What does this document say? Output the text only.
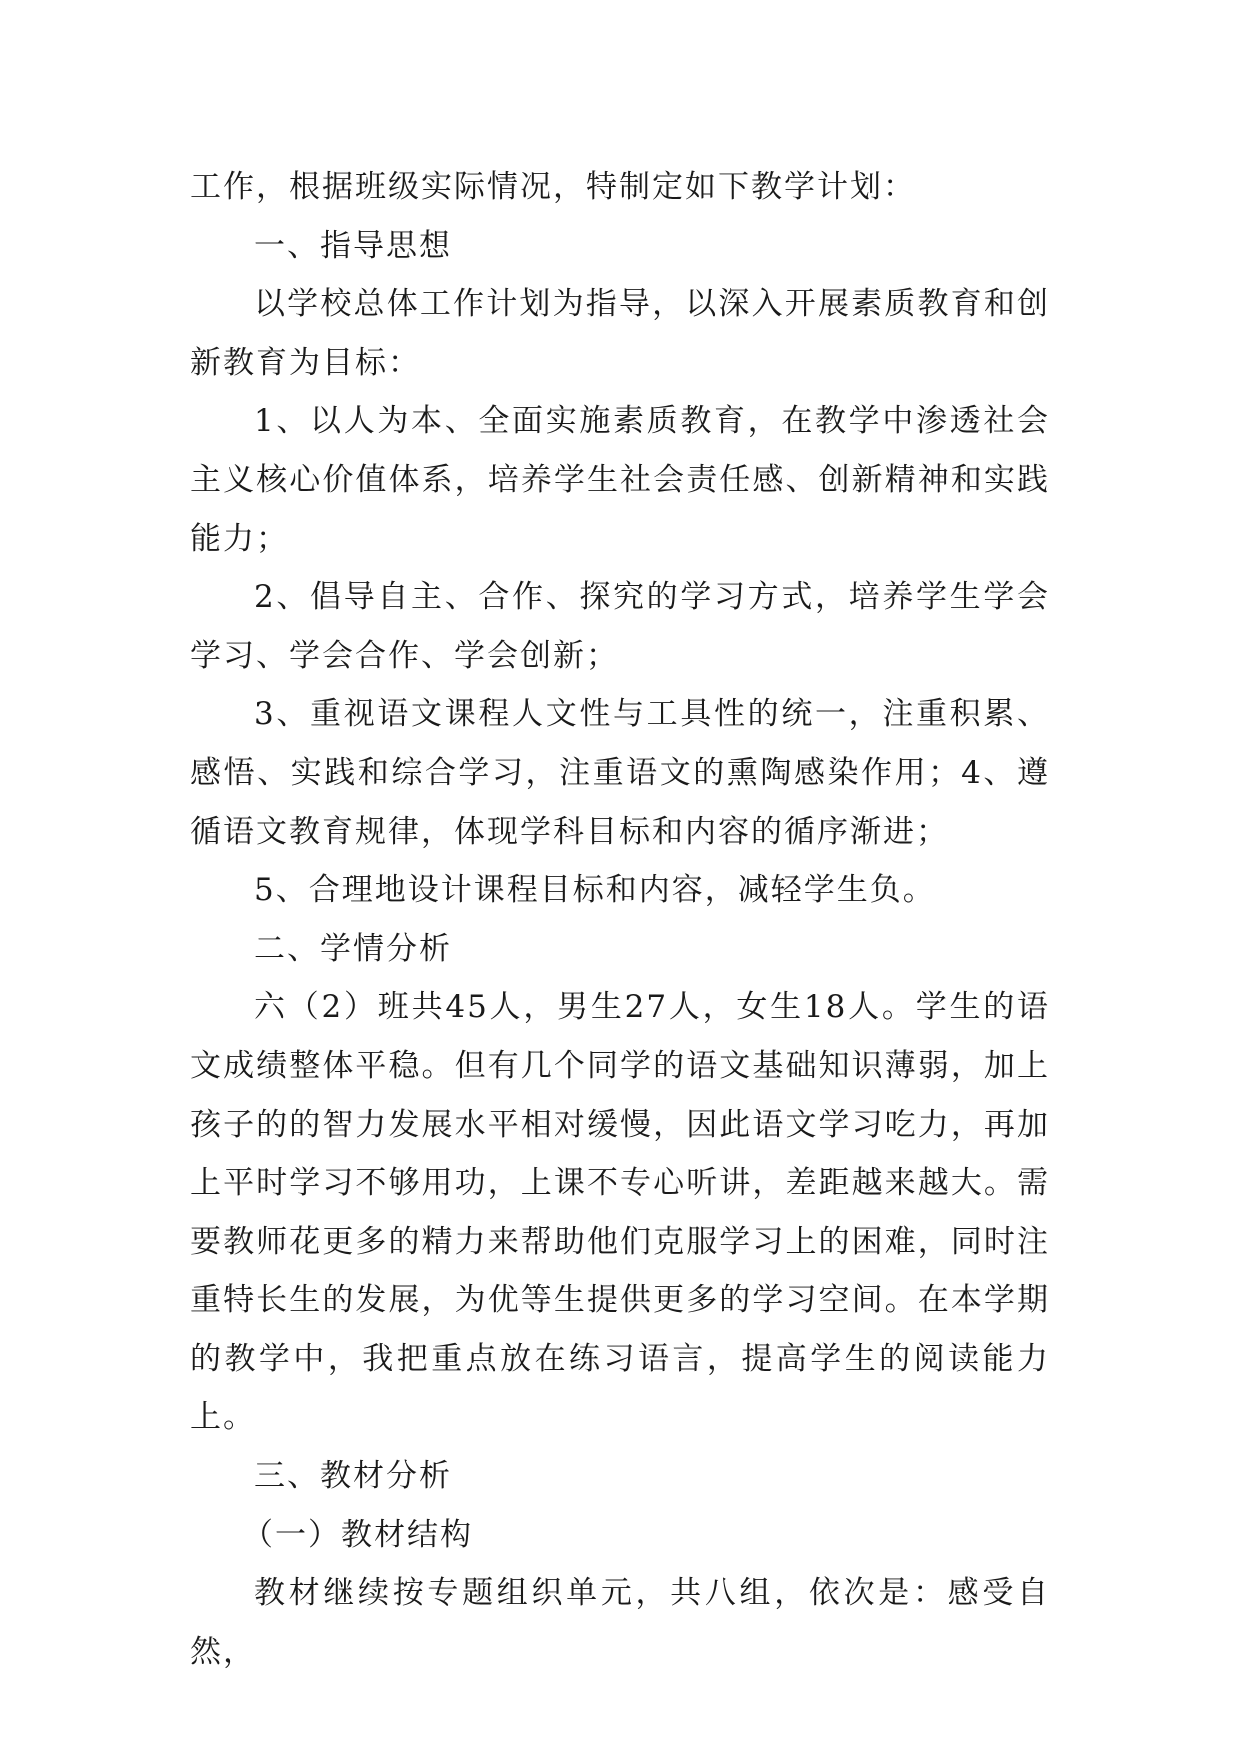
工作，根据班级实际情况，特制定如下教学计划：

一、指导思想

以学校总体工作计划为指导，以深入开展素质教育和创新教育为目标：

1、以人为本、全面实施素质教育，在教学中渗透社会主义核心价值体系，培养学生社会责任感、创新精神和实践能力；

2、倡导自主、合作、探究的学习方式，培养学生学会学习、学会合作、学会创新；

3、重视语文课程人文性与工具性的统一，注重积累、感悟、实践和综合学习，注重语文的熏陶感染作用；4、遵循语文教育规律，体现学科目标和内容的循序渐进；

5、合理地设计课程目标和内容，减轻学生负。

二、学情分析

六（2）班共45人，男生27人，女生18人。学生的语文成绩整体平稳。但有几个同学的语文基础知识薄弱，加上孩子的的智力发展水平相对缓慢，因此语文学习吃力，再加上平时学习不够用功，上课不专心听讲，差距越来越大。需要教师花更多的精力来帮助他们克服学习上的困难，同时注重特长生的发展，为优等生提供更多的学习空间。在本学期的教学中，我把重点放在练习语言，提高学生的阅读能力上。

三、教材分析

（一）教材结构

教材继续按专题组织单元，共八组，依次是：感受自然，
